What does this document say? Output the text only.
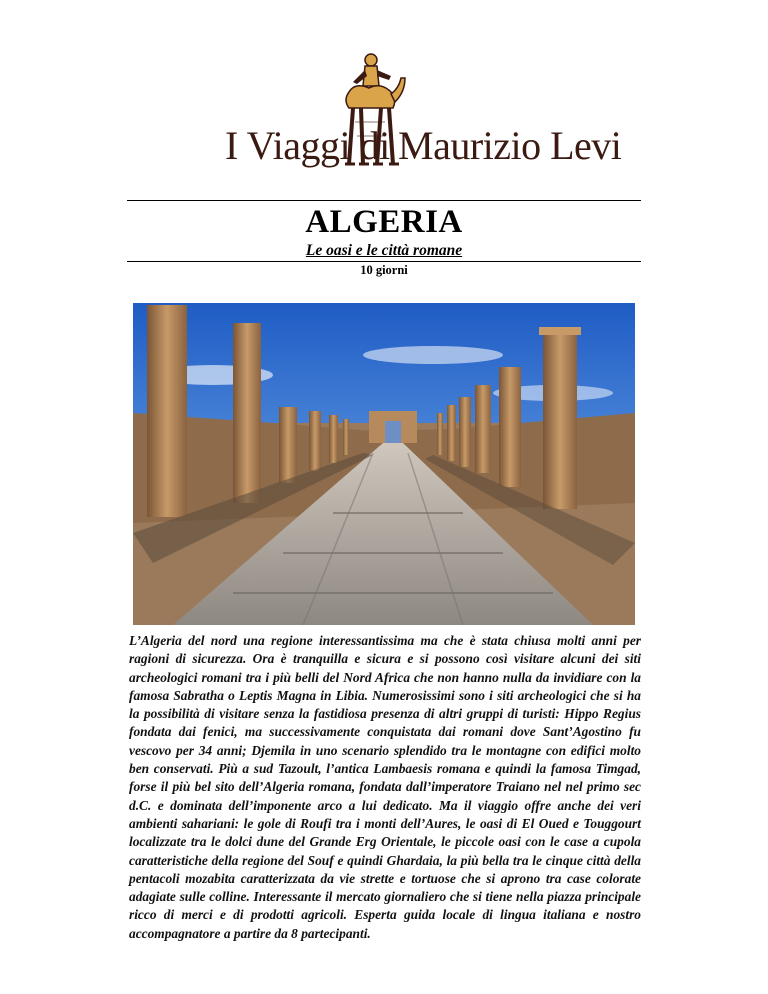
I Viaggi di Maurizio Levi
ALGERIA
Le oasi e le città romane
10 giorni

L’Algeria del nord una regione interessantissima ma che è stata chiusa molti anni per ragioni di sicurezza. Ora è tranquilla e sicura e si possono così visitare alcuni dei siti archeologici romani tra i più belli del Nord Africa che non hanno nulla da invidiare con la famosa Sabratha o Leptis Magna in Libia. Numerosissimi sono i siti archeologici che si ha la possibilità di visitare senza la fastidiosa presenza di altri gruppi di turisti: Hippo Regius fondata dai fenici, ma successivamente conquistata dai romani dove Sant’Agostino fu vescovo per 34 anni; Djemila in uno scenario splendido tra le montagne con edifici molto ben conservati. Più a sud Tazoult, l’antica Lambaesis romana e quindi la famosa Timgad, forse il più bel sito dell’Algeria romana, fondata dall’imperatore Traiano nel nel primo sec d.C. e dominata dell’imponente arco a lui dedicato. Ma il viaggio offre anche dei veri ambienti sahariani: le gole di Roufi tra i monti dell’Aures, le oasi di El Oued e Touggourt localizzate tra le dolci dune del Grande Erg Orientale, le piccole oasi con le case a cupola caratteristiche della regione del Souf e quindi Ghardaia, la più bella tra le cinque città della pentacoli mozabita caratterizzata da vie strette e tortuose che si aprono tra case colorate adagiate sulle colline. Interessante il mercato giornaliero che si tiene nella piazza principale ricco di merci e di prodotti agricoli. Esperta guida locale di lingua italiana e nostro accompagnatore a partire da 8 partecipanti.
